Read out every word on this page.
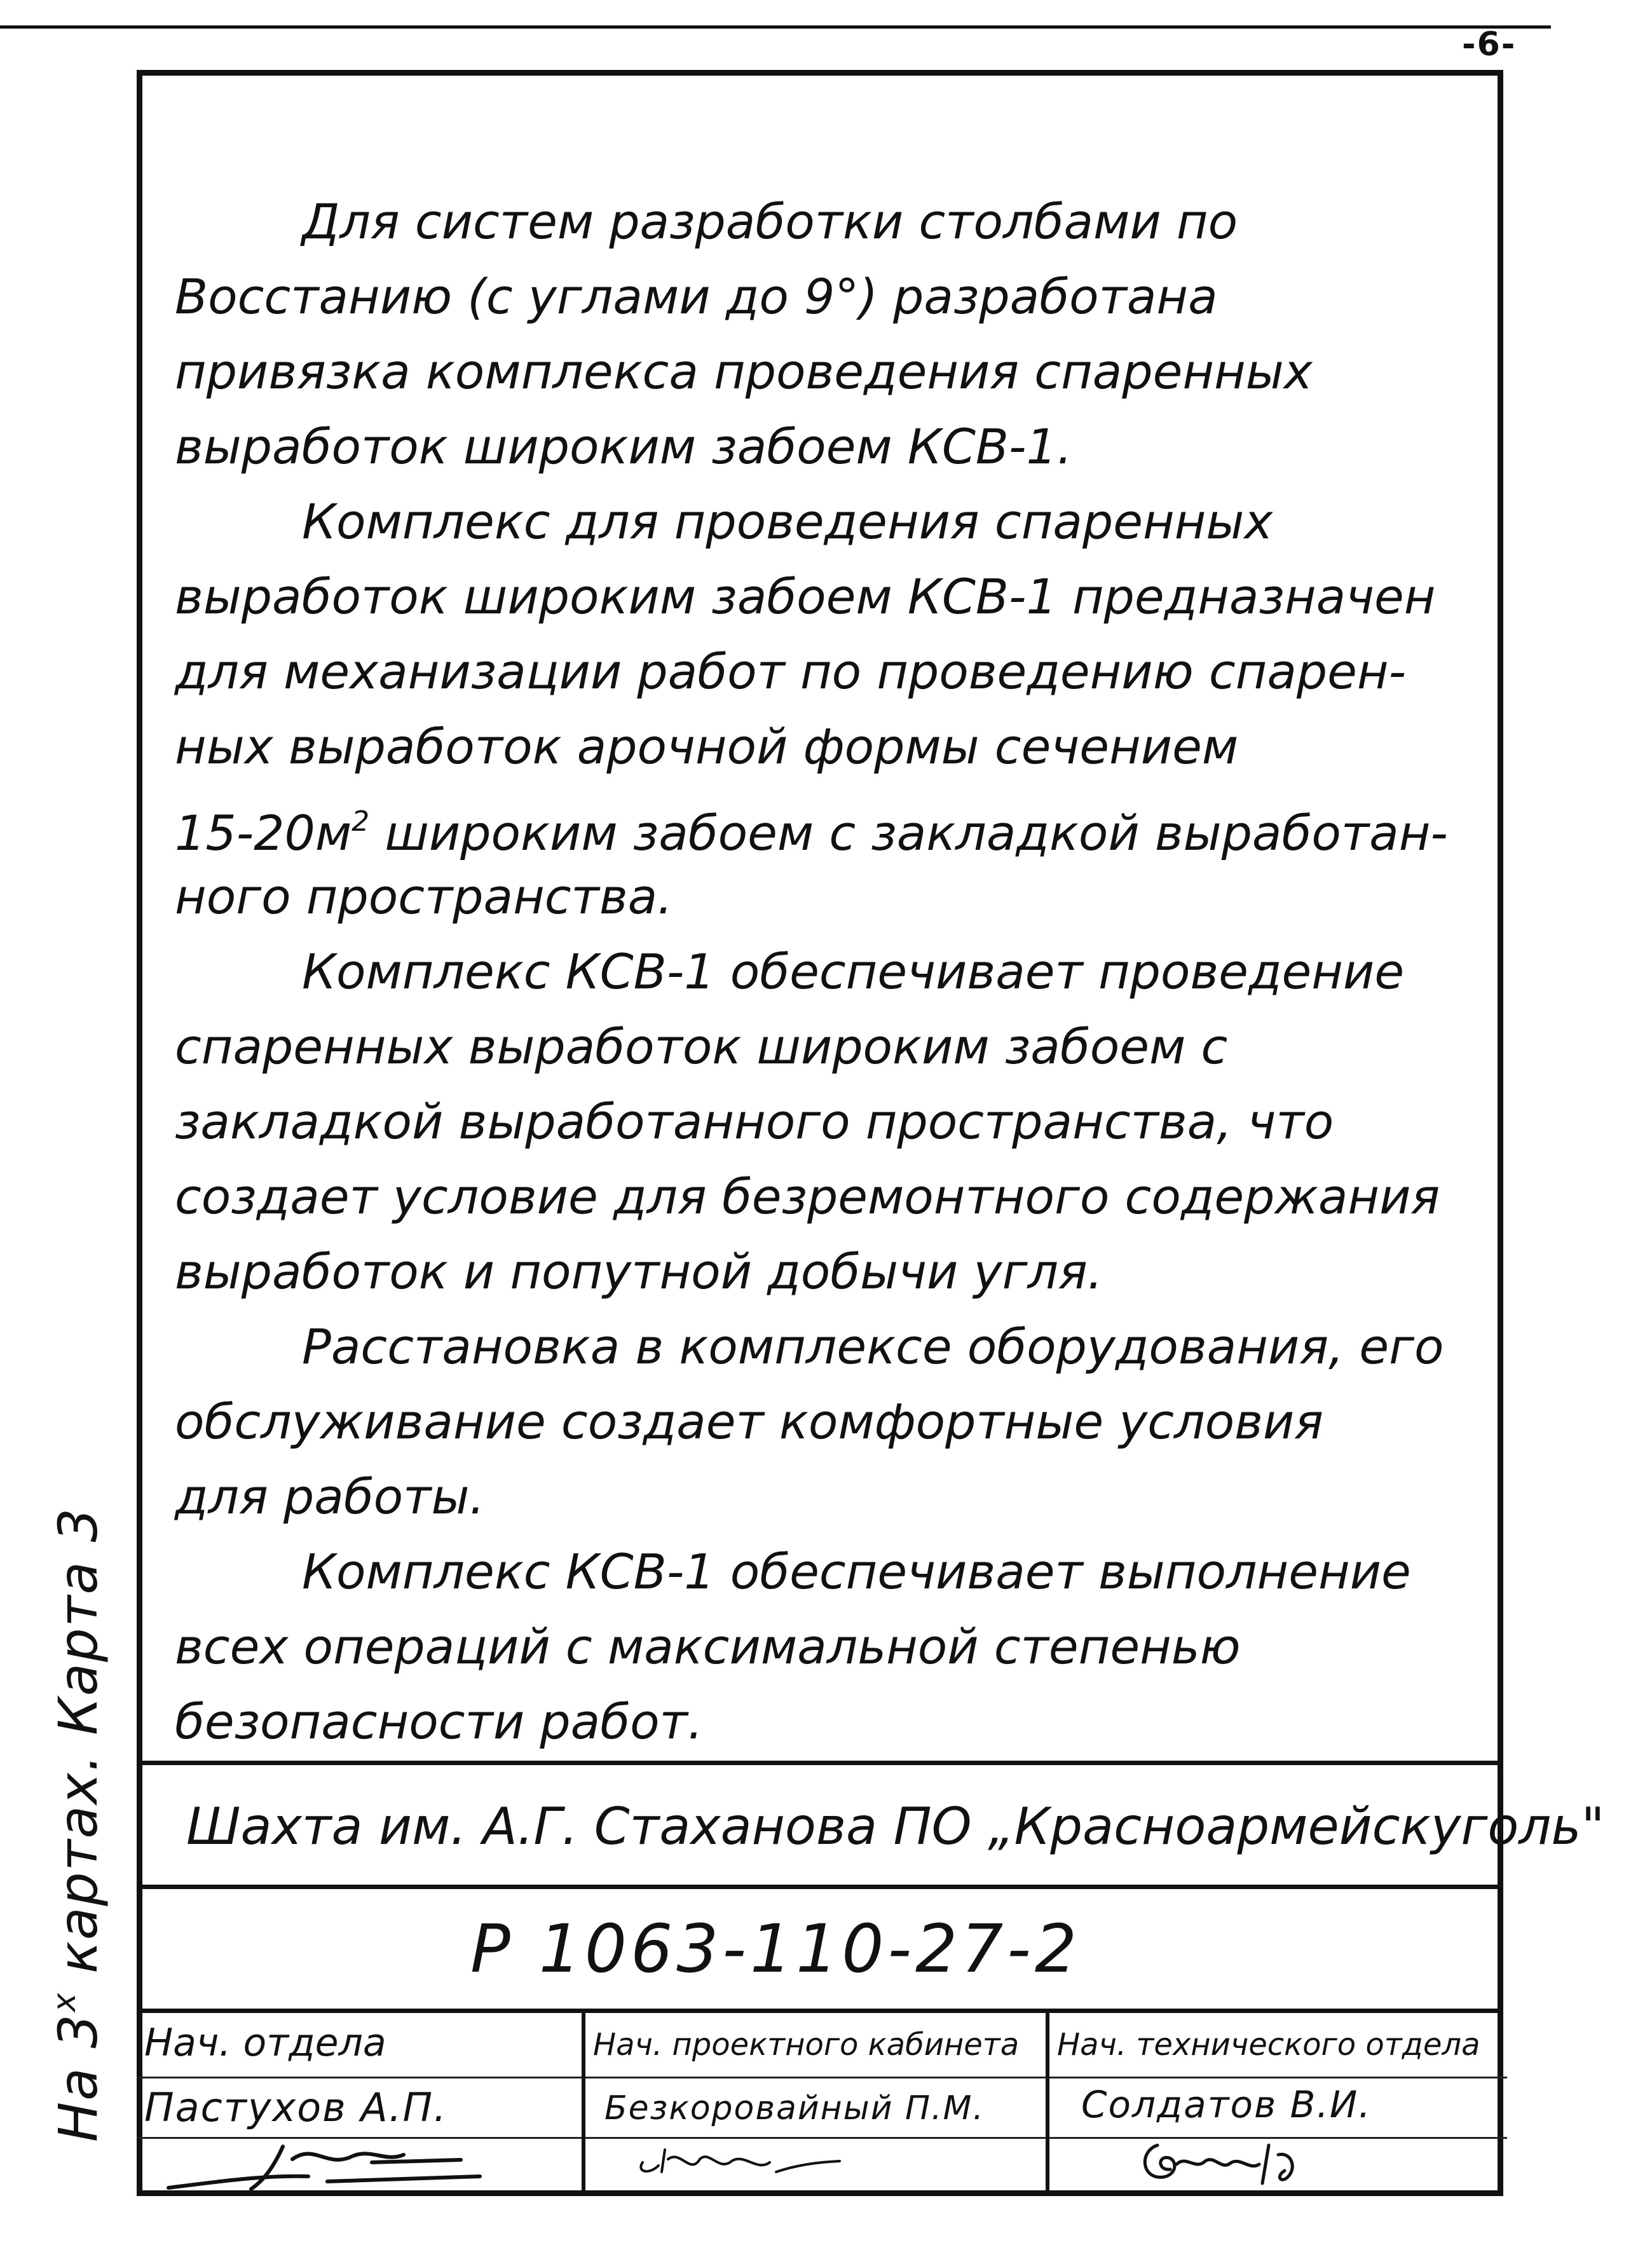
-6-
На 3$^x$ картах. Карта 3
Для систем разработки столбами по
Восстанию (с углами до 9°) разработана
привязка комплекса проведения спаренных
выработок широким забоем КСВ-1.
Комплекс для проведения спаренных
выработок широким забоем КСВ-1 предназначен
для механизации работ по проведению спарен-
ных выработок арочной формы сечением
$15-20м^2$ широким забоем с закладкой выработан-
ного пространства.
Комплекс КСВ-1 обеспечивает проведение
спаренных выработок широким забоем с
закладкой выработанного пространства, что
создает условие для безремонтного содержания
выработок и попутной добычи угля.
Расстановка в комплексе оборудования, его
обслуживание создает комфортные условия
для работы.
Комплекс КСВ-1 обеспечивает выполнение
всех операций с максимальной степенью
безопасности работ.
Шахта им. А.Г. Стаханова ПО „Красноармейскуголь"
Р 1063-110-27-2
Нач. отдела
Пастухов А.П.
Нач. проектного кабинета
Безкоровайный П.М.
Нач. технического отдела
Солдатов В.И.
